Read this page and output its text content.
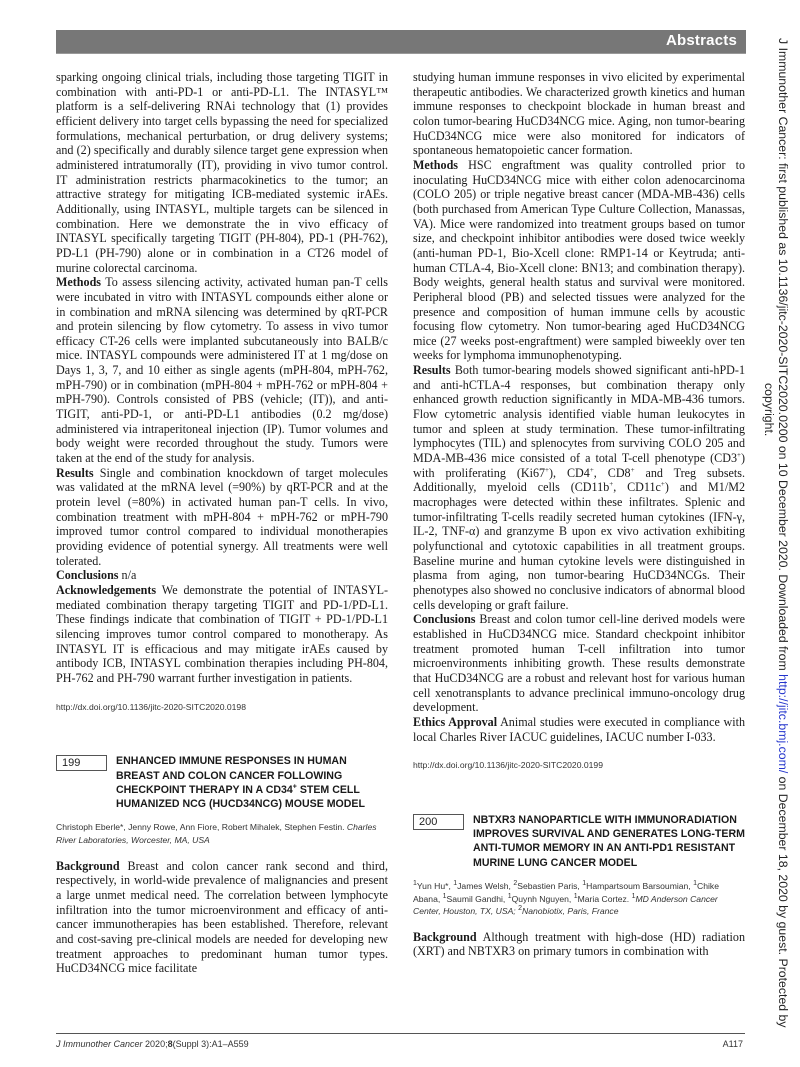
Abstracts

sparking ongoing clinical trials, including those targeting TIGIT in combination with anti-PD-1 or anti-PD-L1. The INTASYL™ platform is a self-delivering RNAi technology that (1) provides efficient delivery into target cells bypassing the need for specialized formulations, mechanical perturbation, or drug delivery systems; and (2) specifically and durably silence target gene expression when administered intratumorally (IT), providing in vivo tumor control. IT administration restricts pharmacokinetics to the tumor; an attractive strategy for mitigating ICB-mediated systemic irAEs. Additionally, using INTASYL, multiple targets can be silenced in combination. Here we demonstrate the in vivo efficacy of INTASYL specifically targeting TIGIT (PH-804), PD-1 (PH-762), PD-L1 (PH-790) alone or in combination in a CT26 model of murine colorectal carcinoma.

Methods To assess silencing activity, activated human pan-T cells were incubated in vitro with INTASYL compounds either alone or in combination and mRNA silencing was determined by qRT-PCR and protein silencing by flow cytometry. To assess in vivo tumor efficacy CT-26 cells were implanted subcutaneously into BALB/c mice. INTASYL compounds were administered IT at 1 mg/dose on Days 1, 3, 7, and 10 either as single agents (mPH-804, mPH-762, mPH-790) or in combination (mPH-804 + mPH-762 or mPH-804 + mPH-790). Controls consisted of PBS (vehicle; (IT)), and anti-TIGIT, anti-PD-1, or anti-PD-L1 antibodies (0.2 mg/dose) administered via intraperitoneal injection (IP). Tumor volumes and body weight were recorded throughout the study. Tumors were taken at the end of the study for analysis.

Results Single and combination knockdown of target molecules was validated at the mRNA level (=90%) by qRT-PCR and at the protein level (=80%) in activated human pan-T cells. In vivo, combination treatment with mPH-804 + mPH-762 or mPH-790 improved tumor control compared to individual monotherapies providing evidence of potential synergy. All treatments were well tolerated.

Conclusions n/a

Acknowledgements We demonstrate the potential of INTASYL-mediated combination therapy targeting TIGIT and PD-1/PD-L1. These findings indicate that combination of TIGIT + PD-1/PD-L1 silencing improves tumor control compared to monotherapy. As INTASYL IT is efficacious and may mitigate irAEs caused by antibody ICB, INTASYL combination therapies including PH-804, PH-762 and PH-790 warrant further investigation in patients.

http://dx.doi.org/10.1136/jitc-2020-SITC2020.0198

199	ENHANCED IMMUNE RESPONSES IN HUMAN BREAST AND COLON CANCER FOLLOWING CHECKPOINT THERAPY IN A CD34+ STEM CELL HUMANIZED NCG (HUCD34NCG) MOUSE MODEL

Christoph Eberle*, Jenny Rowe, Ann Fiore, Robert Mihalek, Stephen Festin. Charles River Laboratories, Worcester, MA, USA

Background Breast and colon cancer rank second and third, respectively, in world-wide prevalence of malignancies and present a large unmet medical need. The correlation between lymphocyte infiltration into the tumor microenvironment and efficacy of anti-cancer immunotherapies has been established. Therefore, relevant and cost-saving pre-clinical models are needed for developing new treatment approaches to predominant human tumor types. HuCD34NCG mice facilitate

studying human immune responses in vivo elicited by experimental therapeutic antibodies. We characterized growth kinetics and human immune responses to checkpoint blockade in human breast and colon tumor-bearing HuCD34NCG mice. Aging, non tumor-bearing HuCD34NCG mice were also monitored for indicators of spontaneous hematopoietic cancer formation.

Methods HSC engraftment was quality controlled prior to inoculating HuCD34NCG mice with either colon adenocarcinoma (COLO 205) or triple negative breast cancer (MDA-MB-436) cells (both purchased from American Type Culture Collection, Manassas, VA). Mice were randomized into treatment groups based on tumor size, and checkpoint inhibitor antibodies were dosed twice weekly (anti-human PD-1, Bio-Xcell clone: RMP1-14 or Keytruda; anti-human CTLA-4, Bio-Xcell clone: BN13; and combination therapy). Body weights, general health status and survival were monitored. Peripheral blood (PB) and selected tissues were analyzed for the presence and composition of human immune cells by acoustic focusing flow cytometry. Non tumor-bearing aged HuCD34NCG mice (27 weeks post-engraftment) were sampled biweekly over ten weeks for lymphoma immunophenotyping.

Results Both tumor-bearing models showed significant anti-hPD-1 and anti-hCTLA-4 responses, but combination therapy only enhanced growth reduction significantly in MDA-MB-436 tumors. Flow cytometric analysis identified viable human leukocytes in tumor and spleen at study termination. These tumor-infiltrating lymphocytes (TIL) and splenocytes from surviving COLO 205 and MDA-MB-436 mice consisted of a total T-cell phenotype (CD3+) with proliferating (Ki67+), CD4+, CD8+ and Treg subsets. Additionally, myeloid cells (CD11b+, CD11c+) and M1/M2 macrophages were detected within these infiltrates. Splenic and tumor-infiltrating T-cells readily secreted human cytokines (IFN-γ, IL-2, TNF-α) and granzyme B upon ex vivo activation exhibiting polyfunctional and cytotoxic capabilities in all treatment groups. Baseline murine and human cytokine levels were distinguished in plasma from aging, non tumor-bearing HuCD34NCGs. Their phenotypes also showed no conclusive indicators of abnormal blood cells developing or graft failure.

Conclusions Breast and colon tumor cell-line derived models were established in HuCD34NCG mice. Standard checkpoint inhibitor treatment promoted human T-cell infiltration into tumor microenvironments inhibiting growth. These results demonstrate that HuCD34NCG are a robust and relevant host for various human cell xenotransplants to advance preclinical immuno-oncology drug development.

Ethics Approval Animal studies were executed in compliance with local Charles River IACUC guidelines, IACUC number I-033.

http://dx.doi.org/10.1136/jitc-2020-SITC2020.0199

200	NBTXR3 NANOPARTICLE WITH IMMUNORADIATION IMPROVES SURVIVAL AND GENERATES LONG-TERM ANTI-TUMOR MEMORY IN AN ANTI-PD1 RESISTANT MURINE LUNG CANCER MODEL

$^1$Yun Hu*, $^1$James Welsh, $^2$Sebastien Paris, $^1$Hampartsoum Barsoumian, $^1$Chike Abana, $^1$Saumil Gandhi, $^1$Quynh Nguyen, $^1$Maria Cortez. $^1$MD Anderson Cancer Center, Houston, TX, USA; $^2$Nanobiotix, Paris, France

Background Although treatment with high-dose (HD) radiation (XRT) and NBTXR3 on primary tumors in combination with

J Immunother Cancer 2020;8(Suppl 3):A1–A559	A117
J Immunother Cancer: first published as 10.1136/jitc-2020-SITC2020.0200 on 10 December 2020. Downloaded from http://jitc.bmj.com/ on December 18, 2020 by guest. Protected by
copyright.
